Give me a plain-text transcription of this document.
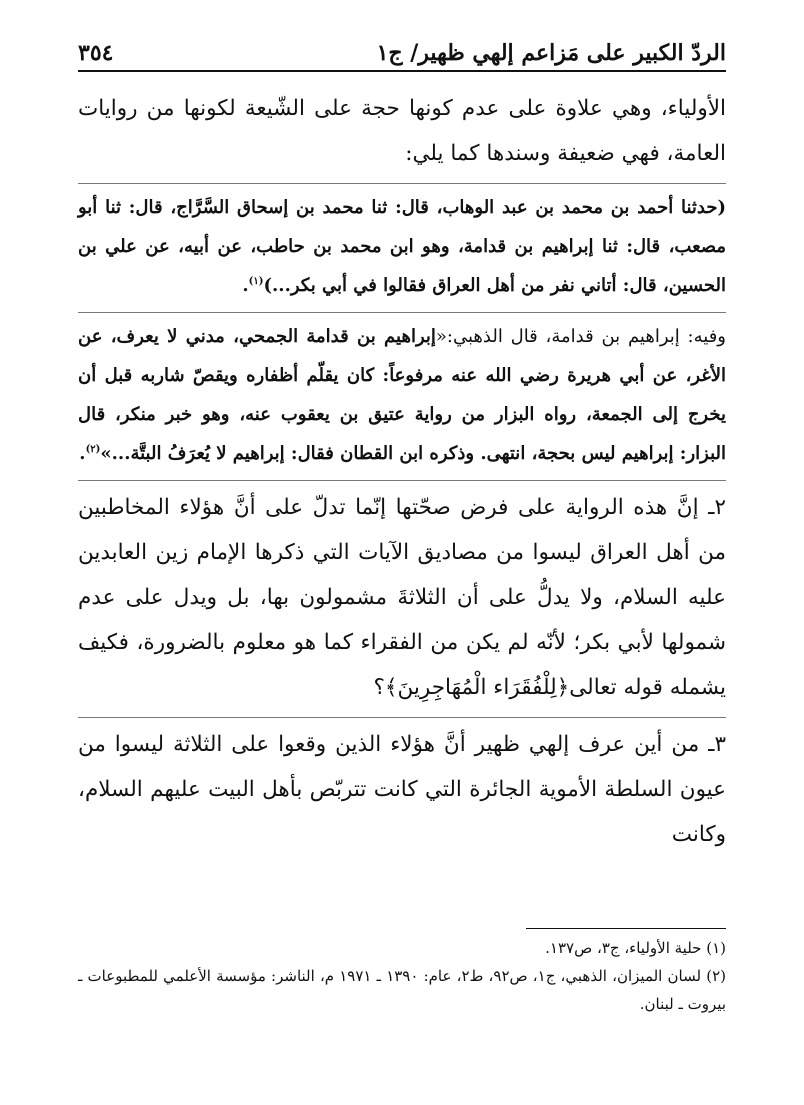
الردّ الكبير على مَزاعم إلهي ظهير/ ج١
٣٥٤

الأولياء، وهي علاوة على عدم كونها حجة على الشّيعة لكونها من روايات العامة، فهي ضعيفة وسندها كما يلي:

(حدثنا أحمد بن محمد بن عبد الوهاب، قال: ثنا محمد بن إسحاق السَّرَّاج، قال: ثنا أبو مصعب، قال: ثنا إبراهيم بن قدامة، وهو ابن محمد بن حاطب، عن أبيه، عن علي بن الحسين، قال: أتاني نفر من أهل العراق فقالوا في أبي بكر...)$^{(١)}$.

وفيه: إبراهيم بن قدامة، قال الذهبي:«إبراهيم بن قدامة الجمحي، مدني لا يعرف، عن الأغر، عن أبي هريرة رضي الله عنه مرفوعاً: كان يقلّم أظفاره ويقصّ شاربه قبل أن يخرج إلى الجمعة، رواه البزار من رواية عتيق بن يعقوب عنه، وهو خبر منكر، قال البزار: إبراهيم ليس بحجة، انتهى. وذكره ابن القطان فقال: إبراهيم لا يُعرَفُ البتَّة...»$^{(٢)}$.

٢ـ إنَّ هذه الرواية على فرض صحّتها إنّما تدلّ على أنَّ هؤلاء المخاطبين من أهل العراق ليسوا من مصاديق الآيات التي ذكرها الإمام زين العابدين عليه السلام، ولا يدلُّ على أن الثلاثةَ مشمولون بها، بل ويدل على عدم شمولها لأبي بكر؛ لأنّه لم يكن من الفقراء كما هو معلوم بالضرورة، فكيف يشمله قوله تعالى﴿لِلْفُقَرَاء الْمُهَاجِرِينَ﴾؟

٣ـ من أين عرف إلهي ظهير أنَّ هؤلاء الذين وقعوا على الثلاثة ليسوا من عيون السلطة الأموية الجائرة التي كانت تتربّص بأهل البيت عليهم السلام، وكانت

(١) حلية الأولياء، ج٣، ص١٣٧.

(٢) لسان الميزان، الذهبي، ج١، ص٩٢، ط٢، عام: ١٣٩٠ ـ ١٩٧١ م، الناشر: مؤسسة الأعلمي للمطبوعات ـ بيروت ـ لبنان.
